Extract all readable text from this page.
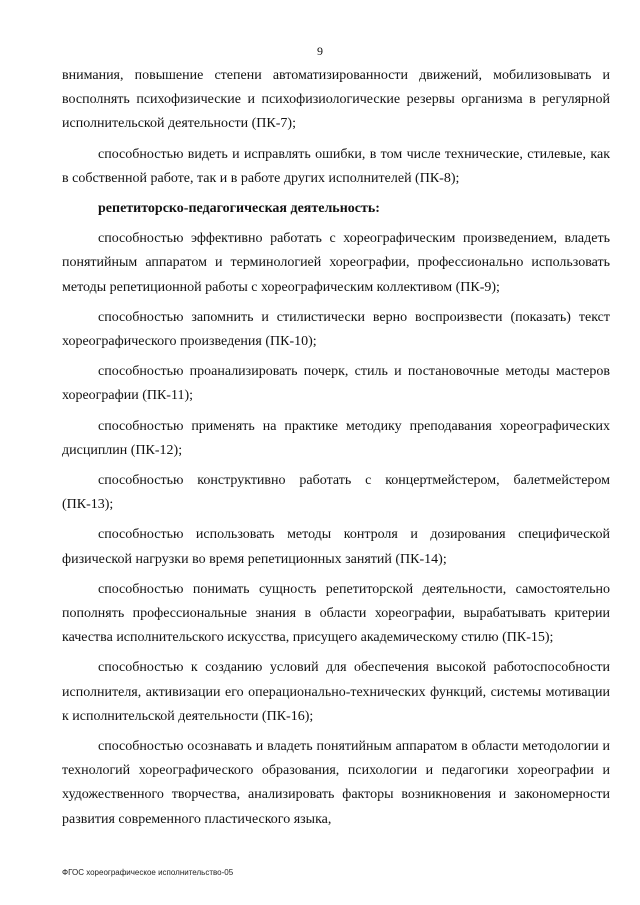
9

внимания, повышение степени автоматизированности движений, мобилизовывать и восполнять психофизические и психофизиологические резервы организма в регулярной исполнительской деятельности (ПК-7);

способностью видеть и исправлять ошибки, в том числе технические, стилевые, как в собственной работе, так и в работе других исполнителей (ПК-8);

репетиторско-педагогическая деятельность:

способностью эффективно работать с хореографическим произведением, владеть понятийным аппаратом и терминологией хореографии, профессионально использовать методы репетиционной работы с хореографическим коллективом (ПК-9);

способностью запомнить и стилистически верно воспроизвести (показать) текст хореографического произведения (ПК-10);

способностью проанализировать почерк, стиль и постановочные методы мастеров хореографии (ПК-11);

способностью применять на практике методику преподавания хореографических дисциплин (ПК-12);

способностью конструктивно работать с концертмейстером, балетмейстером (ПК-13);

способностью использовать методы контроля и дозирования специфической физической нагрузки во время репетиционных занятий (ПК-14);

способностью понимать сущность репетиторской деятельности, самостоятельно пополнять профессиональные знания в области хореографии, вырабатывать критерии качества исполнительского искусства, присущего академическому стилю (ПК-15);

способностью к созданию условий для обеспечения высокой работоспособности исполнителя, активизации его операционально-технических функций, системы мотивации к исполнительской деятельности (ПК-16);

способностью осознавать и владеть понятийным аппаратом в области методологии и технологий хореографического образования, психологии и педагогики хореографии и художественного творчества, анализировать факторы возникновения и закономерности развития современного пластического языка,

ФГОС хореографическое исполнительство-05
